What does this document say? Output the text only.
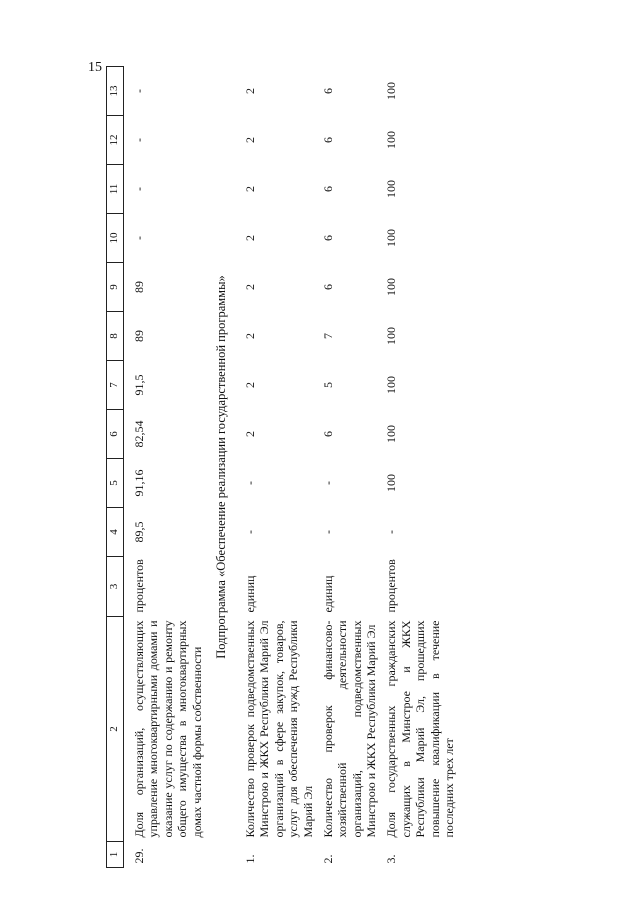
15
1	2	3	4	5	6	7	8	9	10	11	12	13
29.	Доля организаций, осуществляющих управление многоквартирными домами и оказание услуг по содержанию и ремонту общего имущества в многоквартирных домах частной формы собственности	процентов	89,5	91,16	82,54	91,5	89	89	-	-	-	-
Подпрограмма «Обеспечение реализации государственной программы»												
1.	Количество проверок подведомственных Минстрою и ЖКХ Республики Марий Эл организаций в сфере закупок, товаров, услуг для обеспечения нужд Республики Марий Эл	единиц	-	-	2	2	2	2	2	2	2	2
2.	Количество проверок финансово-хозяйственной деятельности организаций, подведомственных Минстрою и ЖКХ Республики Марий Эл	единиц	-	-	6	5	7	6	6	6	6	6
3.	Доля государственных гражданских служащих в Минстрое и ЖКХ Республики Марий Эл, прошедших повышение квалификации в течение последних трех лет	процентов	-	100	100	100	100	100	100	100	100	100
